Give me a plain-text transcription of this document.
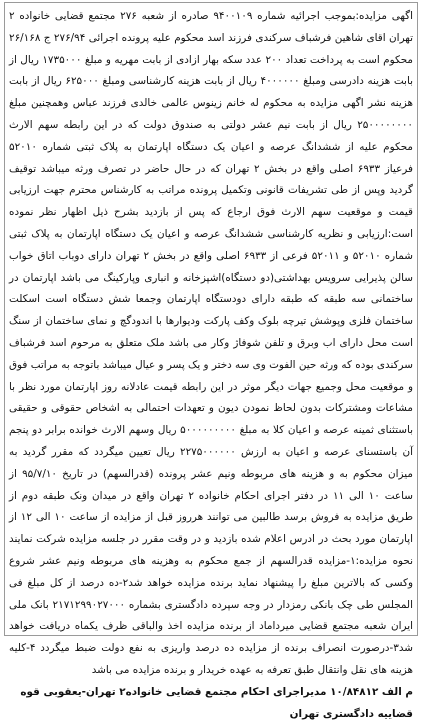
اگهی مزایده:بموجب اجرائیه شماره ۹۴۰۰۱۰۹ صادره از شعبه ۲۷۶ مجتمع قضایی خانواده ۲ تهران اقای شاهین فرشباف سرکندی فرزند اسد محکوم علیه پرونده اجرائی ۲۷۶/۹۴ ج ۲۶/۱۶۸ محکوم است به پرداخت تعداد ۲۰۰ عدد سکه بهار ازادی از بابت مهریه و مبلغ ۱۷۳۵۰۰۰ ریال از بابت هزینه دادرسی ومبلغ ۴۰۰۰۰۰۰ ریال از بابت هزینه کارشناسی ومبلغ ۶۲۵۰۰۰ ریال از بابت هزینه نشر اگهی مزایده به محکوم له خانم زینوس عالمی خالدی فرزند عباس وهمچنین مبلغ ۲۵۰۰۰۰۰۰۰۰ ریال از بابت نیم عشر دولتی به صندوق دولت که در این رابطه سهم الارث محکوم علیه از ششدانگ عرصه و اعیان یک دستگاه اپارتمان به پلاک ثبتی شماره ۵۲۰۱۰ فرعیاز ۶۹۳۳ اصلی واقع در بخش ۲ تهران که در حال حاضر در تصرف ورثه میباشد توقیف گردید وپس از طی تشریفات قانونی وتکمیل پرونده مراتب به کارشناس محترم جهت ارزیابی قیمت و موقعیت سهم الارث فوق ارجاع که پس از بازدید بشرح ذیل اظهار نظر نموده است:ارزیابی و نظریه کارشناسی ششدانگ عرصه و اعیان یک دستگاه اپارتمان به پلاک ثبتی شماره ۵۲۰۱۰ و ۵۲۰۱۱ فرعی از ۶۹۳۳ اصلی واقع در بخش ۲ تهران دارای دوباب اتاق خواب سالن پذیرایی سرویس بهداشتی(دو دستگاه)اشپزخانه و انباری وپارکینگ می باشد اپارتمان در ساختمانی سه طبقه که طبقه دارای دودستگاه اپارتمان وجمعا شش دستگاه است اسکلت ساختمان فلزی وپوشش تیرچه بلوک وکف پارکت ودیوارها با اندودگچ و نمای ساختمان از سنگ است محل دارای اب وبرق و تلفن شوفاژ وکار می باشد ملک متعلق به مرحوم اسد فرشباف سرکندی بوده که ورثه حین الفوت وی سه دختر و یک پسر و عیال میباشد باتوجه به مراتب فوق و موقعیت محل وجمیع جهات دیگر موثر در این رابطه قیمت عادلانه روز اپارتمان مورد نظر با مشاعات ومشترکات بدون لحاظ نمودن دیون و تعهدات احتمالی به اشخاص حقوقی و حقیقی باستثنای ثمینه عرصه و اعیان کلا به مبلغ ۵۰۰۰۰۰۰۰۰۰ ریال وسهم الارث خوانده برابر دو پنجم آن باستسنای عرصه و اعیان به ارزش ۲۲۷۵۰۰۰۰۰۰ ریال تعیین میگردد که مقرر گردید به میزان محکوم به و هزینه های مربوطه ونیم عشر پرونده (قدرالسهم) در تاریخ ۹۵/۷/۱۰ از ساعت ۱۰ الی ۱۱ در دفتر اجرای احکام خانواده ۲ تهران واقع در میدان ونک طبقه دوم از طریق مزایده به فروش برسد طالبین می توانند هرروز قبل از مزایده از ساعت ۱۰ الی ۱۲ از اپارتمان مورد بحث در ادرس اعلام شده بازدید و در وقت مقرر در جلسه مزایده شرکت نمایند نحوه مزایده:۱-مزایده قدرالسهم از جمع محکوم به وهزینه های مربوطه ونیم عشر شروع وکسی که بالاترین مبلغ را پیشنهاد نماید برنده مزایده خواهد شد۲-ده درصد از کل مبلغ فی المجلس طی چک بانکی رمزدار در وجه سپرده دادگستری بشماره ۲۱۷۱۲۹۹۰۲۷۰۰۰ بانک ملی ایران شعبه مجتمع قضایی میرداماد از برنده مزایده اخذ والباقی ظرف یکماه دریافت خواهد شد۳-درصورت انصراف برنده از مزایده ده درصد واریزی به نفع دولت ضبط میگردد ۴-کلیه هزینه های نقل وانتقال طبق تعرفه به عهده خریدار و برنده مزایده می باشد

م الف ۱۰/۸۴۸۱۲ مدیراجرای احکام مجتمع قضایی خانواده۲ تهران-یعقوبی قوه قضاییه دادگستری تهران
